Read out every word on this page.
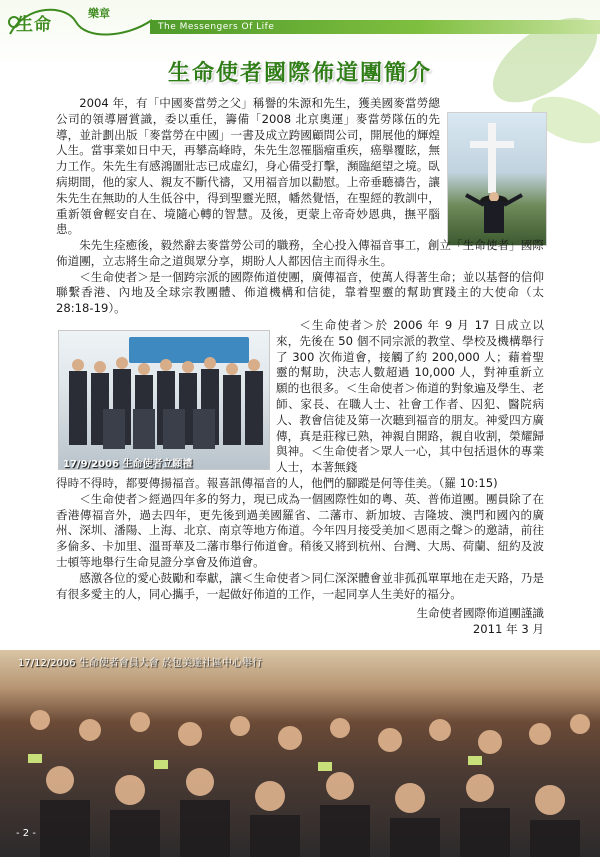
生命
樂章
The Messengers Of Life
生命使者國際佈道團簡介

2004 年，有「中國麥當勞之父」稱譽的朱源和先生，獲美國麥當勞總公司的領導層賞識，委以重任，籌備「2008 北京奧運」麥當勞隊伍的先導，並計劃出版「麥當勞在中國」一書及成立跨國顧問公司，開展他的輝煌人生。當事業如日中天，再攀高峰時，朱先生忽罹腦瘤重疾，癌擧覆眩，無力工作。朱先生有感鴻圖壯志已成虛幻，身心備受打擊，瀕臨絕望之境。臥病期間，他的家人、親友不斷代禱，又用福音加以勸慰。上帝垂聽禱告，讓朱先生在無助的人生低谷中，得到聖靈光照，幡然覺悟，在聖經的教訓中，重新領會輕安自在、境隨心轉的智慧。及後，更蒙上帝奇妙恩典，撫平腦患。

朱先生痊癒後，毅然辭去麥當勞公司的職務，全心投入傳福音事工，創立「生命使者」國際佈道團，立志將生命之道與眾分享，期盼人人都因信主而得永生。

＜生命使者＞是一個跨宗派的國際佈道使團，廣傳福音，使萬人得著生命；並以基督的信仰聯繫香港、內地及全球宗教團體、佈道機構和信徒，靠着聖靈的幫助實踐主的大使命（太 28:18-19）。

17/9/2006 生命使者立願禮

＜生命使者＞於 2006 年 9 月 17 日成立以來，先後在 50 個不同宗派的教堂、學校及機構舉行了 300 次佈道會，接觸了約 200,000 人；藉着聖靈的幫助，決志人數超過 10,000 人，對神重新立願的也很多。＜生命使者＞佈道的對象遍及學生、老師、家長、在職人士、社會工作者、囚犯、醫院病人、教會信徒及第一次聽到福音的朋友。神愛四方廣傳，真是莊稼已熟，神親自開路，親自收割，榮耀歸與神。＜生命使者＞眾人一心，其中包括退休的專業人士，本著無錢

得時不得時，都要傳揚福音。報喜訊傳福音的人，他們的腳蹤是何等佳美。（羅 10:15)

＜生命使者＞經過四年多的努力，現已成為一個國際性如的粵、英、普佈道團。團員除了在香港傳福音外，過去四年，更先後到過美國羅省、二藩市、新加坡、吉隆坡、澳門和國內的廣州、深圳、潘陽、上海、北京、南京等地方佈道。今年四月接受美加＜恩雨之聲＞的邀請，前往多倫多、卡加里、溫哥華及二藩市舉行佈道會。稍後又將到杭州、台灣、大馬、荷蘭、紐約及波士頓等地舉行生命見證分享會及佈道會。

感激各位的愛心鼓勵和奉獻，讓＜生命使者＞同仁深深體會並非孤孤單單地在走天路，乃是有很多愛主的人，同心攜手，一起做好佈道的工作，一起同享人生美好的福分。

生命使者國際佈道團謹識
2011 年 3 月
17/12/2006 生命使者會員大會 於包美達社區中心舉行
- 2 -
